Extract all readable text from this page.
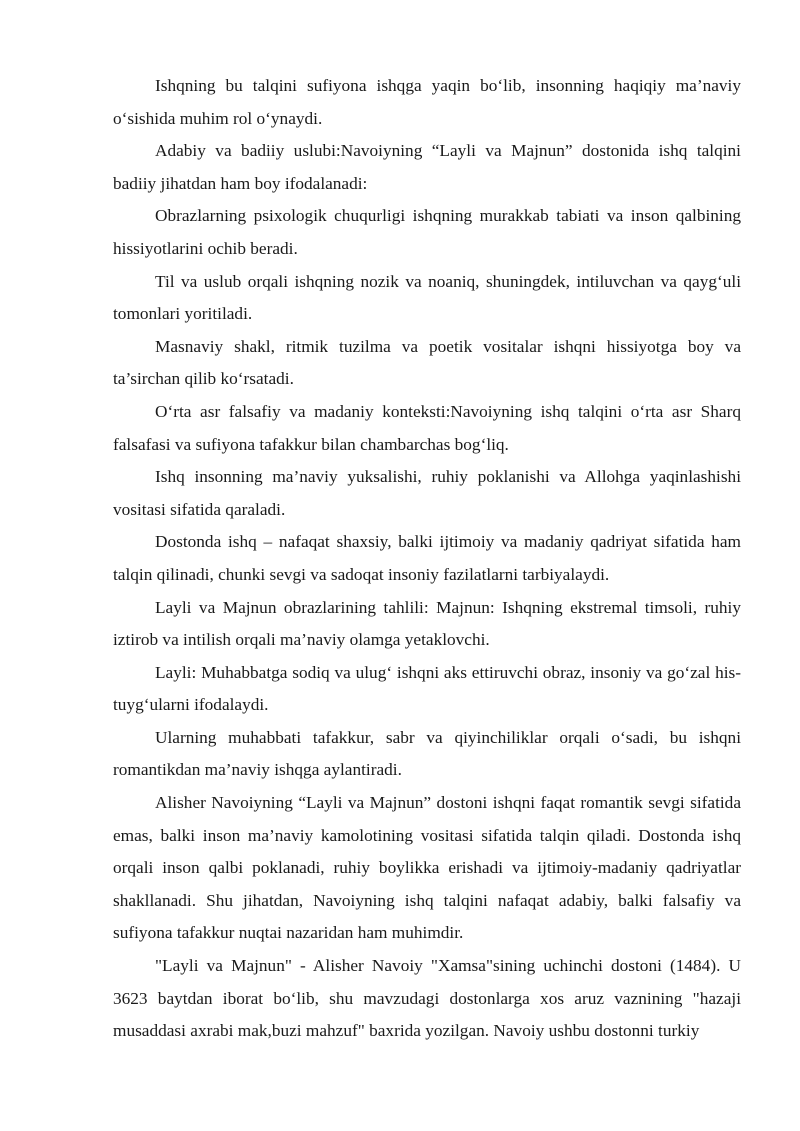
Ishqning bu talqini sufiyona ishqga yaqin bo‘lib, insonning haqiqiy ma’naviy o‘sishida muhim rol o‘ynaydi.

Adabiy va badiiy uslubi:Navoiyning “Layli va Majnun” dostonida ishq talqini badiiy jihatdan ham boy ifodalanadi:

Obrazlarning psixologik chuqurligi ishqning murakkab tabiati va inson qalbining hissiyotlarini ochib beradi.

Til va uslub orqali ishqning nozik va noaniq, shuningdek, intiluvchan va qayg‘uli tomonlari yoritiladi.

Masnaviy shakl, ritmik tuzilma va poetik vositalar ishqni hissiyotga boy va ta’sirchan qilib ko‘rsatadi.

O‘rta asr falsafiy va madaniy konteksti:Navoiyning ishq talqini o‘rta asr Sharq falsafasi va sufiyona tafakkur bilan chambarchas bog‘liq.

Ishq insonning ma’naviy yuksalishi, ruhiy poklanishi va Allohga yaqinlashishi vositasi sifatida qaraladi.

Dostonda ishq – nafaqat shaxsiy, balki ijtimoiy va madaniy qadriyat sifatida ham talqin qilinadi, chunki sevgi va sadoqat insoniy fazilatlarni tarbiyalaydi.

Layli va Majnun obrazlarining tahlili: Majnun: Ishqning ekstremal timsoli, ruhiy iztirob va intilish orqali ma’naviy olamga yetaklovchi.

Layli: Muhabbatga sodiq va ulug‘ ishqni aks ettiruvchi obraz, insoniy va go‘zal his-tuyg‘ularni ifodalaydi.

Ularning muhabbati tafakkur, sabr va qiyinchiliklar orqali o‘sadi, bu ishqni romantikdan ma’naviy ishqga aylantiradi.

Alisher Navoiyning “Layli va Majnun” dostoni ishqni faqat romantik sevgi sifatida emas, balki inson ma’naviy kamolotining vositasi sifatida talqin qiladi. Dostonda ishq orqali inson qalbi poklanadi, ruhiy boylikka erishadi va ijtimoiy-madaniy qadriyatlar shakllanadi. Shu jihatdan, Navoiyning ishq talqini nafaqat adabiy, balki falsafiy va sufiyona tafakkur nuqtai nazaridan ham muhimdir.

"Layli va Majnun" - Alisher Navoiy "Xamsa"sining uchinchi dostoni (1484). U 3623 baytdan iborat bo‘lib, shu mavzudagi dostonlarga xos aruz vaznining "hazaji musaddasi axrabi mak,buzi mahzuf" baxrida yozilgan. Navoiy ushbu dostonni turkiy
